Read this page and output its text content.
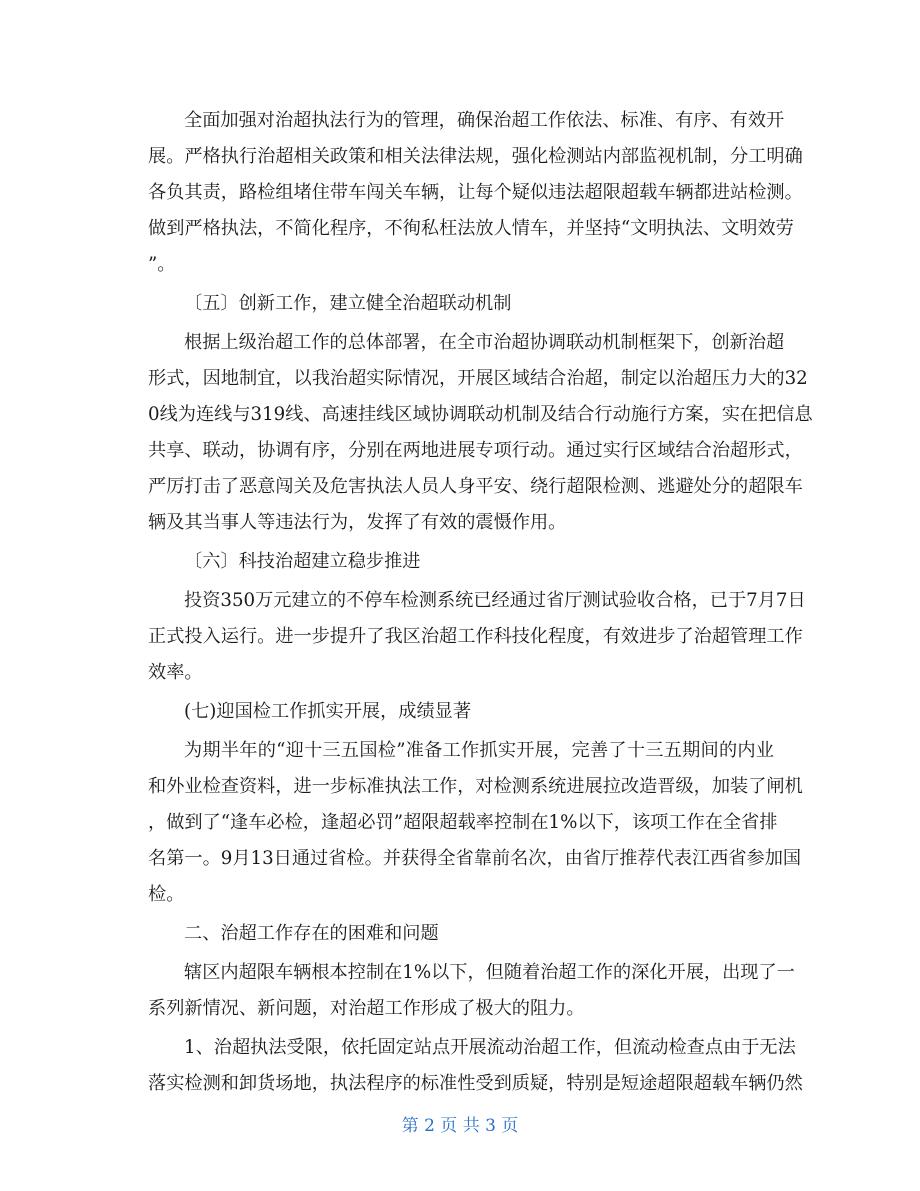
全面加强对治超执法行为的管理，确保治超工作依法、标准、有序、有效开
展。严格执行治超相关政策和相关法律法规，强化检测站内部监视机制，分工明确
各负其责，路检组堵住带车闯关车辆，让每个疑似违法超限超载车辆都进站检测。
做到严格执法，不简化程序，不徇私枉法放人情车，并坚持“文明执法、文明效劳
”。
〔五〕创新工作，建立健全治超联动机制
根据上级治超工作的总体部署，在全市治超协调联动机制框架下，创新治超
形式，因地制宜，以我治超实际情况，开展区域结合治超，制定以治超压力大的32
0线为连线与319线、高速挂线区域协调联动机制及结合行动施行方案，实在把信息
共享、联动，协调有序，分别在两地进展专项行动。通过实行区域结合治超形式，
严厉打击了恶意闯关及危害执法人员人身平安、绕行超限检测、逃避处分的超限车
辆及其当事人等违法行为，发挥了有效的震慑作用。
〔六〕科技治超建立稳步推进
投资350万元建立的不停车检测系统已经通过省厅测试验收合格，已于7月7日
正式投入运行。进一步提升了我区治超工作科技化程度，有效进步了治超管理工作
效率。
(七)迎国检工作抓实开展，成绩显著
为期半年的“迎十三五国检”准备工作抓实开展，完善了十三五期间的内业
和外业检查资料，进一步标准执法工作，对检测系统进展拉改造晋级，加装了闸机
，做到了“逢车必检，逢超必罚”超限超载率控制在1%以下，该项工作在全省排
名第一。9月13日通过省检。并获得全省靠前名次，由省厅推荐代表江西省参加国
检。
二、治超工作存在的困难和问题
辖区内超限车辆根本控制在1%以下，但随着治超工作的深化开展，出现了一
系列新情况、新问题，对治超工作形成了极大的阻力。
1、治超执法受限，依托固定站点开展流动治超工作，但流动检查点由于无法
落实检测和卸货场地，执法程序的标准性受到质疑，特别是短途超限超载车辆仍然
第 2 页 共 3 页
